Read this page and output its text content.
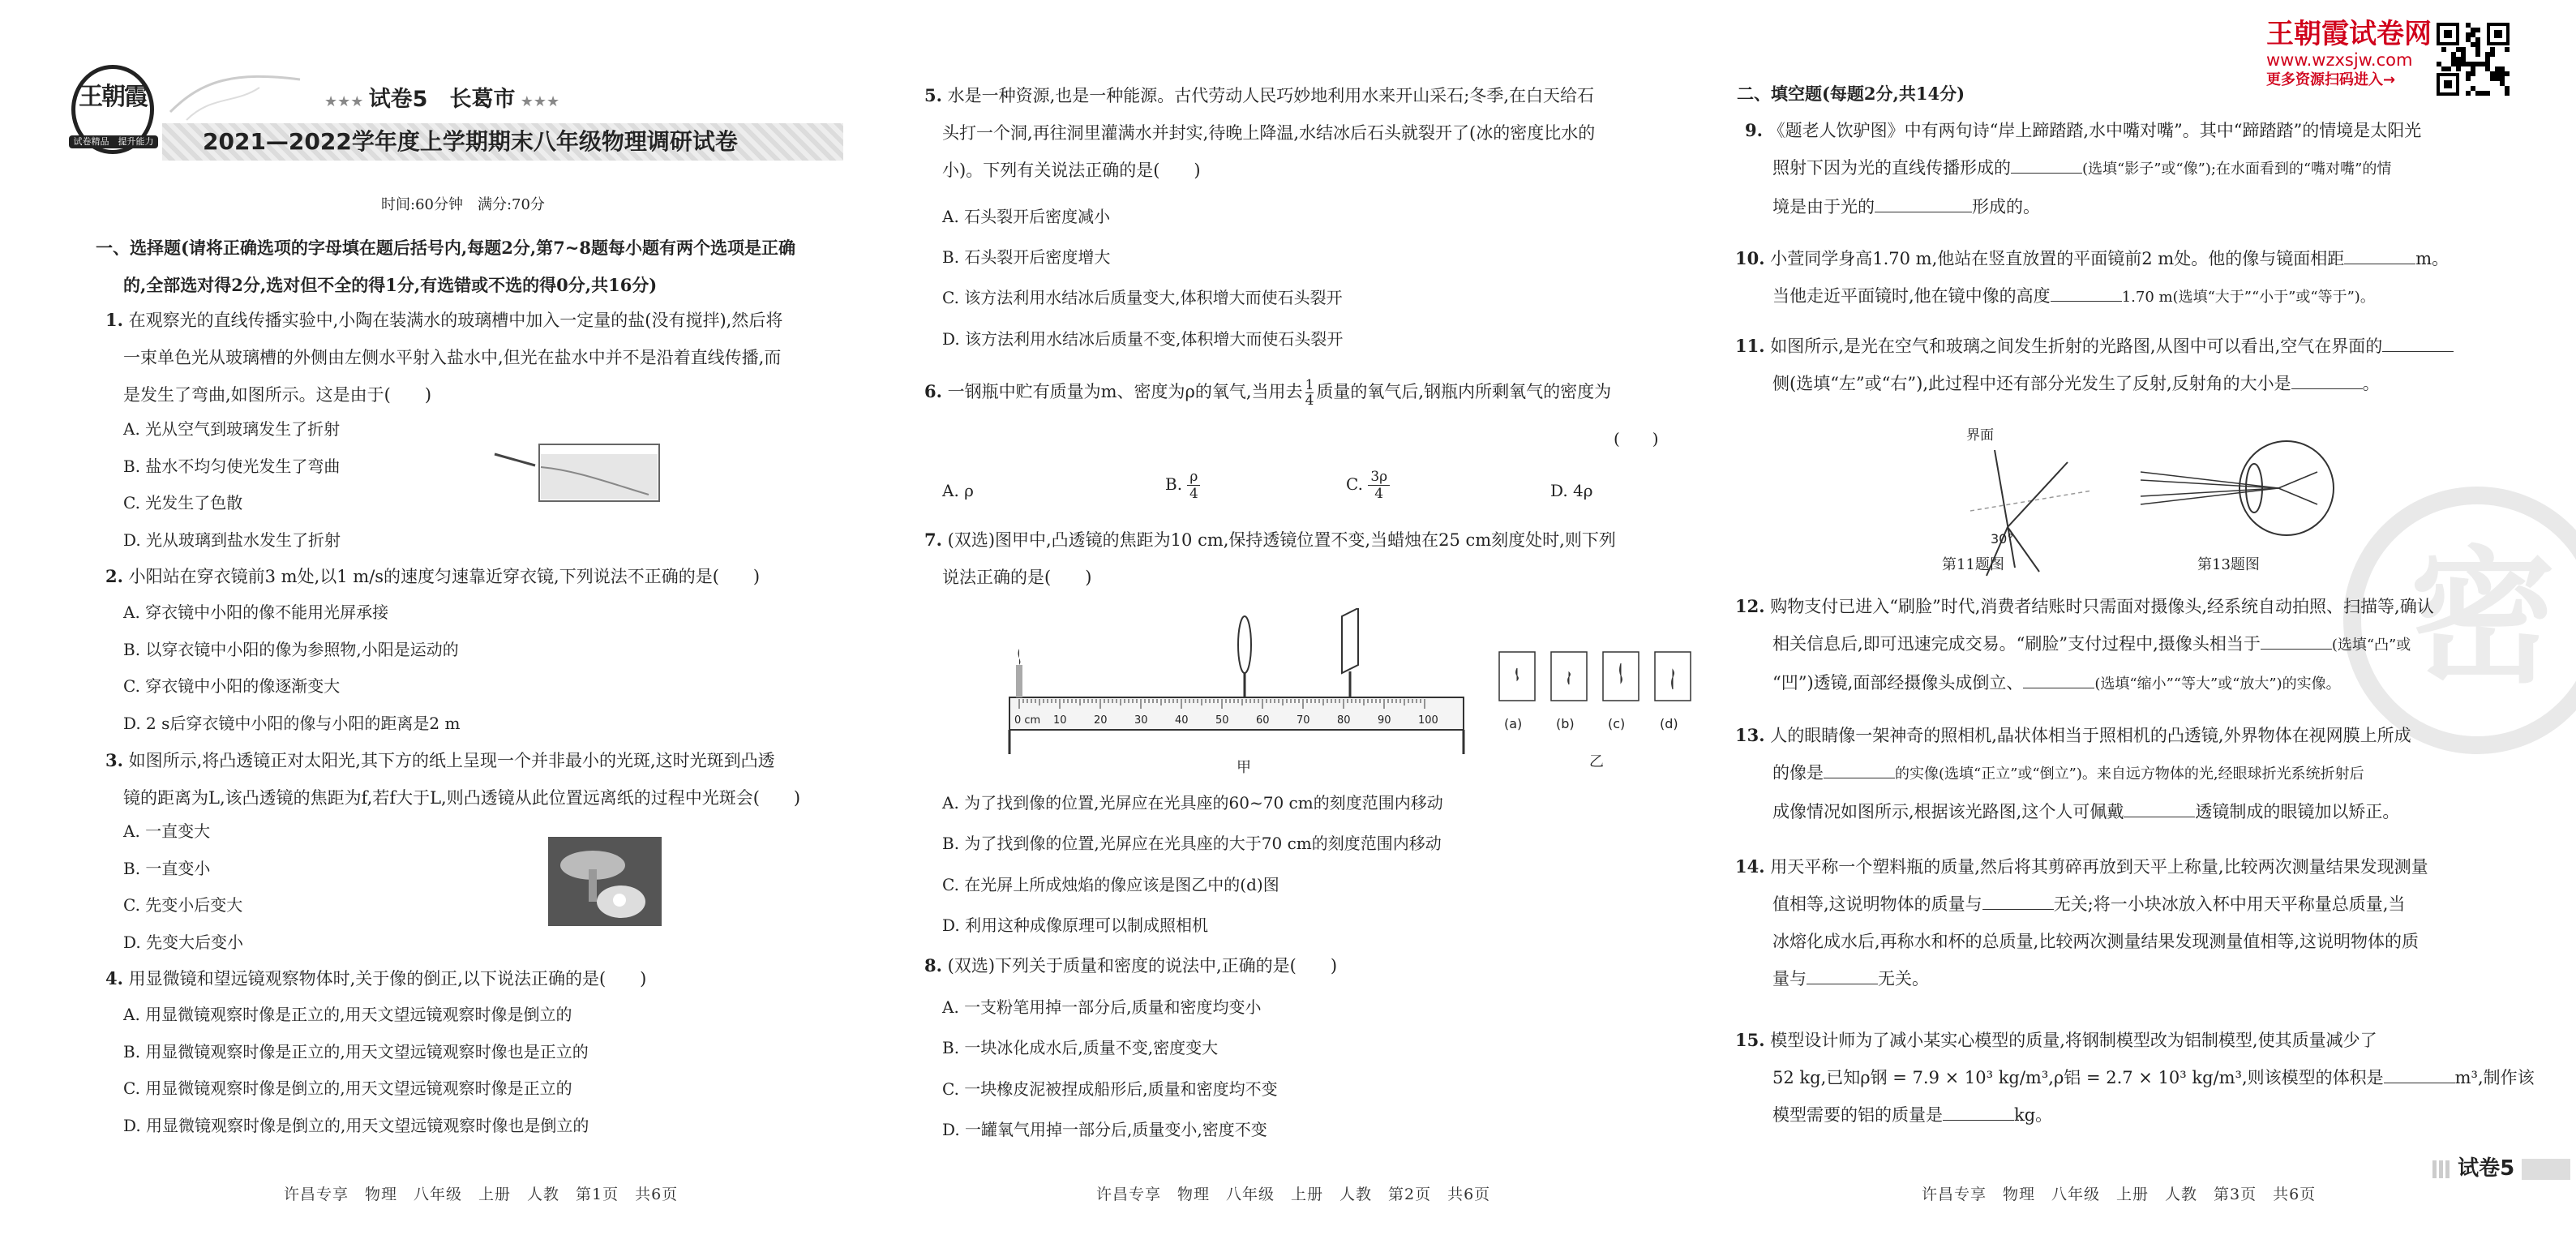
密
王朝霞
试卷精品　 提升能力
★★★ 试卷5　 长葛市 ★★★
2021—2022学年度上学期期末八年级物理调研试卷
时间:60分钟　满分:70分
一、选择题(请将正确选项的字母填在题后括号内,每题2分,第7~8题每小题有两个选项是正确
的,全部选对得2分,选对但不全的得1分,有选错或不选的得0分,共16分)
1. 在观察光的直线传播实验中,小陶在装满水的玻璃槽中加入一定量的盐(没有搅拌),然后将
一束单色光从玻璃槽的外侧由左侧水平射入盐水中,但光在盐水中并不是沿着直线传播,而
是发生了弯曲,如图所示。这是由于(　　)
A. 光从空气到玻璃发生了折射
B. 盐水不均匀使光发生了弯曲
C. 光发生了色散
D. 光从玻璃到盐水发生了折射
2. 小阳站在穿衣镜前3 m处,以1 m/s的速度匀速靠近穿衣镜,下列说法不正确的是(　　)
A. 穿衣镜中小阳的像不能用光屏承接
B. 以穿衣镜中小阳的像为参照物,小阳是运动的
C. 穿衣镜中小阳的像逐渐变大
D. 2 s后穿衣镜中小阳的像与小阳的距离是2 m
3. 如图所示,将凸透镜正对太阳光,其下方的纸上呈现一个并非最小的光斑,这时光斑到凸透
镜的距离为L,该凸透镜的焦距为f,若f大于L,则凸透镜从此位置远离纸的过程中光斑会(　　)
A. 一直变大
B. 一直变小
C. 先变小后变大
D. 先变大后变小
4. 用显微镜和望远镜观察物体时,关于像的倒正,以下说法正确的是(　　)
A. 用显微镜观察时像是正立的,用天文望远镜观察时像是倒立的
B. 用显微镜观察时像是正立的,用天文望远镜观察时像也是正立的
C. 用显微镜观察时像是倒立的,用天文望远镜观察时像是正立的
D. 用显微镜观察时像是倒立的,用天文望远镜观察时像也是倒立的
许昌专享　物理　八年级　上册　人教　第1页　共6页
5. 水是一种资源,也是一种能源。古代劳动人民巧妙地利用水来开山采石;冬季,在白天给石
头打一个洞,再往洞里灌满水并封实,待晚上降温,水结冰后石头就裂开了(冰的密度比水的
小)。下列有关说法正确的是(　　)
A. 石头裂开后密度减小
B. 石头裂开后密度增大
C. 该方法利用水结冰后质量变大,体积增大而使石头裂开
D. 该方法利用水结冰后质量不变,体积增大而使石头裂开
6. 一钢瓶中贮有质量为m、密度为ρ的氧气,当用去 $\frac{1}{4}$ 质量的氧气后,钢瓶内所剩氧气的密度为
(　　)
A. ρ	B. $\frac{\rho}{4}$	C. $\frac{3\rho}{4}$	D. 4ρ
7. (双选)图甲中,凸透镜的焦距为10 cm,保持透镜位置不变,当蜡烛在25 cm刻度处时,则下列
说法正确的是(　　)
0 cm 10	20	30	40	50	60	70	80	90	100
甲
(a)	(b)	(c)	(d)
乙
A. 为了找到像的位置,光屏应在光具座的60~70 cm的刻度范围内移动
B. 为了找到像的位置,光屏应在光具座的大于70 cm的刻度范围内移动
C. 在光屏上所成烛焰的像应该是图乙中的(d)图
D. 利用这种成像原理可以制成照相机
8. (双选)下列关于质量和密度的说法中,正确的是(　　)
A. 一支粉笔用掉一部分后,质量和密度均变小
B. 一块冰化成水后,质量不变,密度变大
C. 一块橡皮泥被捏成船形后,质量和密度均不变
D. 一罐氧气用掉一部分后,质量变小,密度不变
许昌专享　物理　八年级　上册　人教　第2页　共6页
王朝霞试卷网
www.wzxsjw.com
更多资源扫码进入→
二、填空题(每题2分,共14分)
9. 《题老人饮驴图》中有两句诗“岸上蹄踏踏,水中嘴对嘴”。其中“蹄踏踏”的情境是太阳光
照射下因为光的直线传播形成的	(选填“影子”或“像”);在水面看到的“嘴对嘴”的情
境是由于光的	形成的。
10. 小萱同学身高1.70 m,他站在竖直放置的平面镜前2 m处。他的像与镜面相距	m。
当他走近平面镜时,他在镜中像的高度	1.70 m(选填“大于”“小于”或“等于”)。
11. 如图所示,是光在空气和玻璃之间发生折射的光路图,从图中可以看出,空气在界面的
侧(选填“左”或“右”),此过程中还有部分光发生了反射,反射角的大小是	。
界面
30°
第11题图	第13题图
12. 购物支付已进入“刷脸”时代,消费者结账时只需面对摄像头,经系统自动拍照、扫描等,确认
相关信息后,即可迅速完成交易。“刷脸”支付过程中,摄像头相当于	(选填“凸”或
“凹”)透镜,面部经摄像头成倒立、	(选填“缩小”“等大”或“放大”)的实像。
13. 人的眼睛像一架神奇的照相机,晶状体相当于照相机的凸透镜,外界物体在视网膜上所成
的像是	的实像(选填“正立”或“倒立”)。来自远方物体的光,经眼球折光系统折射后
成像情况如图所示,根据该光路图,这个人可佩戴	透镜制成的眼镜加以矫正。
14. 用天平称一个塑料瓶的质量,然后将其剪碎再放到天平上称量,比较两次测量结果发现测量
值相等,这说明物体的质量与	无关;将一小块冰放入杯中用天平称量总质量,当
冰熔化成水后,再称水和杯的总质量,比较两次测量结果发现测量值相等,这说明物体的质
量与	无关。
15. 模型设计师为了减小某实心模型的质量,将钢制模型改为铝制模型,使其质量减少了
52 kg,已知ρ钢 = 7.9 × 10³ kg/m³,ρ铝 = 2.7 × 10³ kg/m³,则该模型的体积是	m³,制作该
模型需要的铝的质量是	kg。
许昌专享　物理　八年级　上册　人教　第3页　共6页
试卷5
